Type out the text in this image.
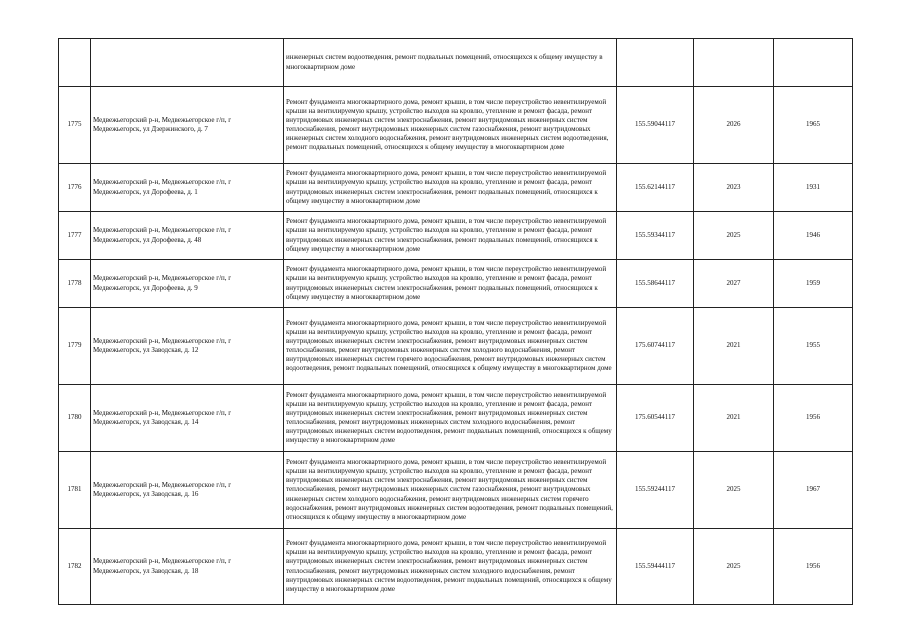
		инженерных систем водоотведения, ремонт подвальных помещений, относящихся к общему имуществу в многоквартирном доме			
1775	Медвежьегорский р-н, Медвежьегорское г/п, г Медвежьегорск, ул Дзержинского, д. 7	Ремонт фундамента многоквартирного дома, ремонт крыши, в том числе переустройство невентилируемой крыши на вентилируемую крышу, устройство выходов на кровлю, утепление и ремонт фасада, ремонт внутридомовых инженерных систем электроснабжения, ремонт внутридомовых инженерных систем теплоснабжения, ремонт внутридомовых инженерных систем газоснабжения, ремонт внутридомовых инженерных систем холодного водоснабжения, ремонт внутридомовых инженерных систем водоотведения, ремонт подвальных помещений, относящихся к общему имуществу в многоквартирном доме	155.59044117	2026	1965
1776	Медвежьегорский р-н, Медвежьегорское г/п, г Медвежьегорск, ул Дорофеева, д. 1	Ремонт фундамента многоквартирного дома, ремонт крыши, в том числе переустройство невентилируемой крыши на вентилируемую крышу, устройство выходов на кровлю, утепление и ремонт фасада, ремонт внутридомовых инженерных систем электроснабжения, ремонт подвальных помещений, относящихся к общему имуществу в многоквартирном доме	155.62144117	2023	1931
1777	Медвежьегорский р-н, Медвежьегорское г/п, г Медвежьегорск, ул Дорофеева, д. 48	Ремонт фундамента многоквартирного дома, ремонт крыши, в том числе переустройство невентилируемой крыши на вентилируемую крышу, устройство выходов на кровлю, утепление и ремонт фасада, ремонт внутридомовых инженерных систем электроснабжения, ремонт подвальных помещений, относящихся к общему имуществу в многоквартирном доме	155.59344117	2025	1946
1778	Медвежьегорский р-н, Медвежьегорское г/п, г Медвежьегорск, ул Дорофеева, д. 9	Ремонт фундамента многоквартирного дома, ремонт крыши, в том числе переустройство невентилируемой крыши на вентилируемую крышу, устройство выходов на кровлю, утепление и ремонт фасада, ремонт внутридомовых инженерных систем электроснабжения, ремонт подвальных помещений, относящихся к общему имуществу в многоквартирном доме	155.58644117	2027	1959
1779	Медвежьегорский р-н, Медвежьегорское г/п, г Медвежьегорск, ул Заводская, д. 12	Ремонт фундамента многоквартирного дома, ремонт крыши, в том числе переустройство невентилируемой крыши на вентилируемую крышу, устройство выходов на кровлю, утепление и ремонт фасада, ремонт внутридомовых инженерных систем электроснабжения, ремонт внутридомовых инженерных систем теплоснабжения, ремонт внутридомовых инженерных систем холодного водоснабжения, ремонт внутридомовых инженерных систем горячего водоснабжения, ремонт внутридомовых инженерных систем водоотведения, ремонт подвальных помещений, относящихся к общему имуществу в многоквартирном доме	175.60744117	2021	1955
1780	Медвежьегорский р-н, Медвежьегорское г/п, г Медвежьегорск, ул Заводская, д. 14	Ремонт фундамента многоквартирного дома, ремонт крыши, в том числе переустройство невентилируемой крыши на вентилируемую крышу, устройство выходов на кровлю, утепление и ремонт фасада, ремонт внутридомовых инженерных систем электроснабжения, ремонт внутридомовых инженерных систем теплоснабжения, ремонт внутридомовых инженерных систем холодного водоснабжения, ремонт внутридомовых инженерных систем водоотведения, ремонт подвальных помещений, относящихся к общему имуществу в многоквартирном доме	175.60544117	2021	1956
1781	Медвежьегорский р-н, Медвежьегорское г/п, г Медвежьегорск, ул Заводская, д. 16	Ремонт фундамента многоквартирного дома, ремонт крыши, в том числе переустройство невентилируемой крыши на вентилируемую крышу, устройство выходов на кровлю, утепление и ремонт фасада, ремонт внутридомовых инженерных систем электроснабжения, ремонт внутридомовых инженерных систем теплоснабжения, ремонт внутридомовых инженерных систем газоснабжения, ремонт внутридомовых инженерных систем холодного водоснабжения, ремонт внутридомовых инженерных систем горячего водоснабжения, ремонт внутридомовых инженерных систем водоотведения, ремонт подвальных помещений, относящихся к общему имуществу в многоквартирном доме	155.59244117	2025	1967
1782	Медвежьегорский р-н, Медвежьегорское г/п, г Медвежьегорск, ул Заводская, д. 18	Ремонт фундамента многоквартирного дома, ремонт крыши, в том числе переустройство невентилируемой крыши на вентилируемую крышу, устройство выходов на кровлю, утепление и ремонт фасада, ремонт внутридомовых инженерных систем электроснабжения, ремонт внутридомовых инженерных систем теплоснабжения, ремонт внутридомовых инженерных систем холодного водоснабжения, ремонт внутридомовых инженерных систем водоотведения, ремонт подвальных помещений, относящихся к общему имуществу в многоквартирном доме	155.59444117	2025	1956
